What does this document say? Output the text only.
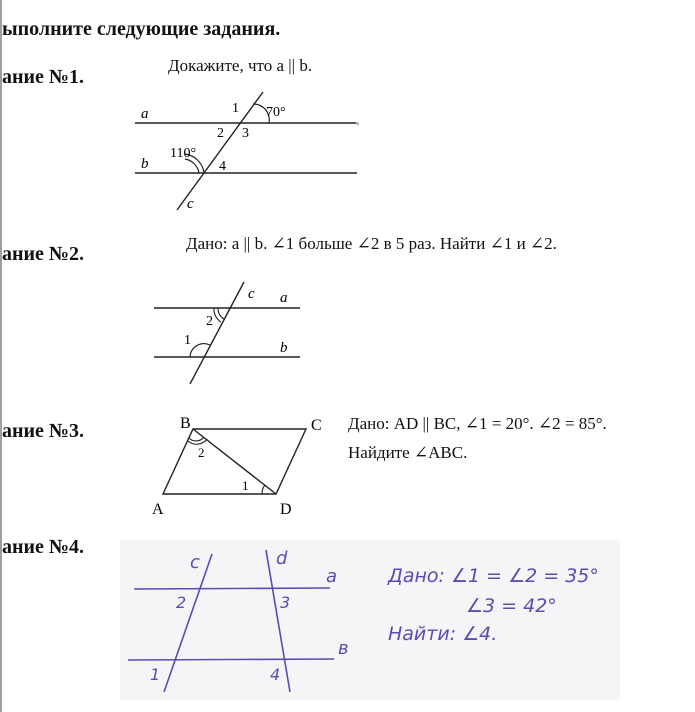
ыполните следующие задания.
ание №1.
Докажите, что a || b.
a
b
c
1
2 3
4
70°
110°
ание №2.	Дано: a || b. ∠1 больше ∠2 в 5 раз. Найти ∠1 и ∠2.
c a
b
2
1
ание №3.	Дано: AD || BC, ∠1 = 20°. ∠2 = 85°.
Найдите ∠ABC.
B	C
A	D
2
1
ание №4.
c	d
a
в
2	3
1	4
Дано: ∠1 = ∠2 = 35°
∠3 = 42°
Найти: ∠4.
